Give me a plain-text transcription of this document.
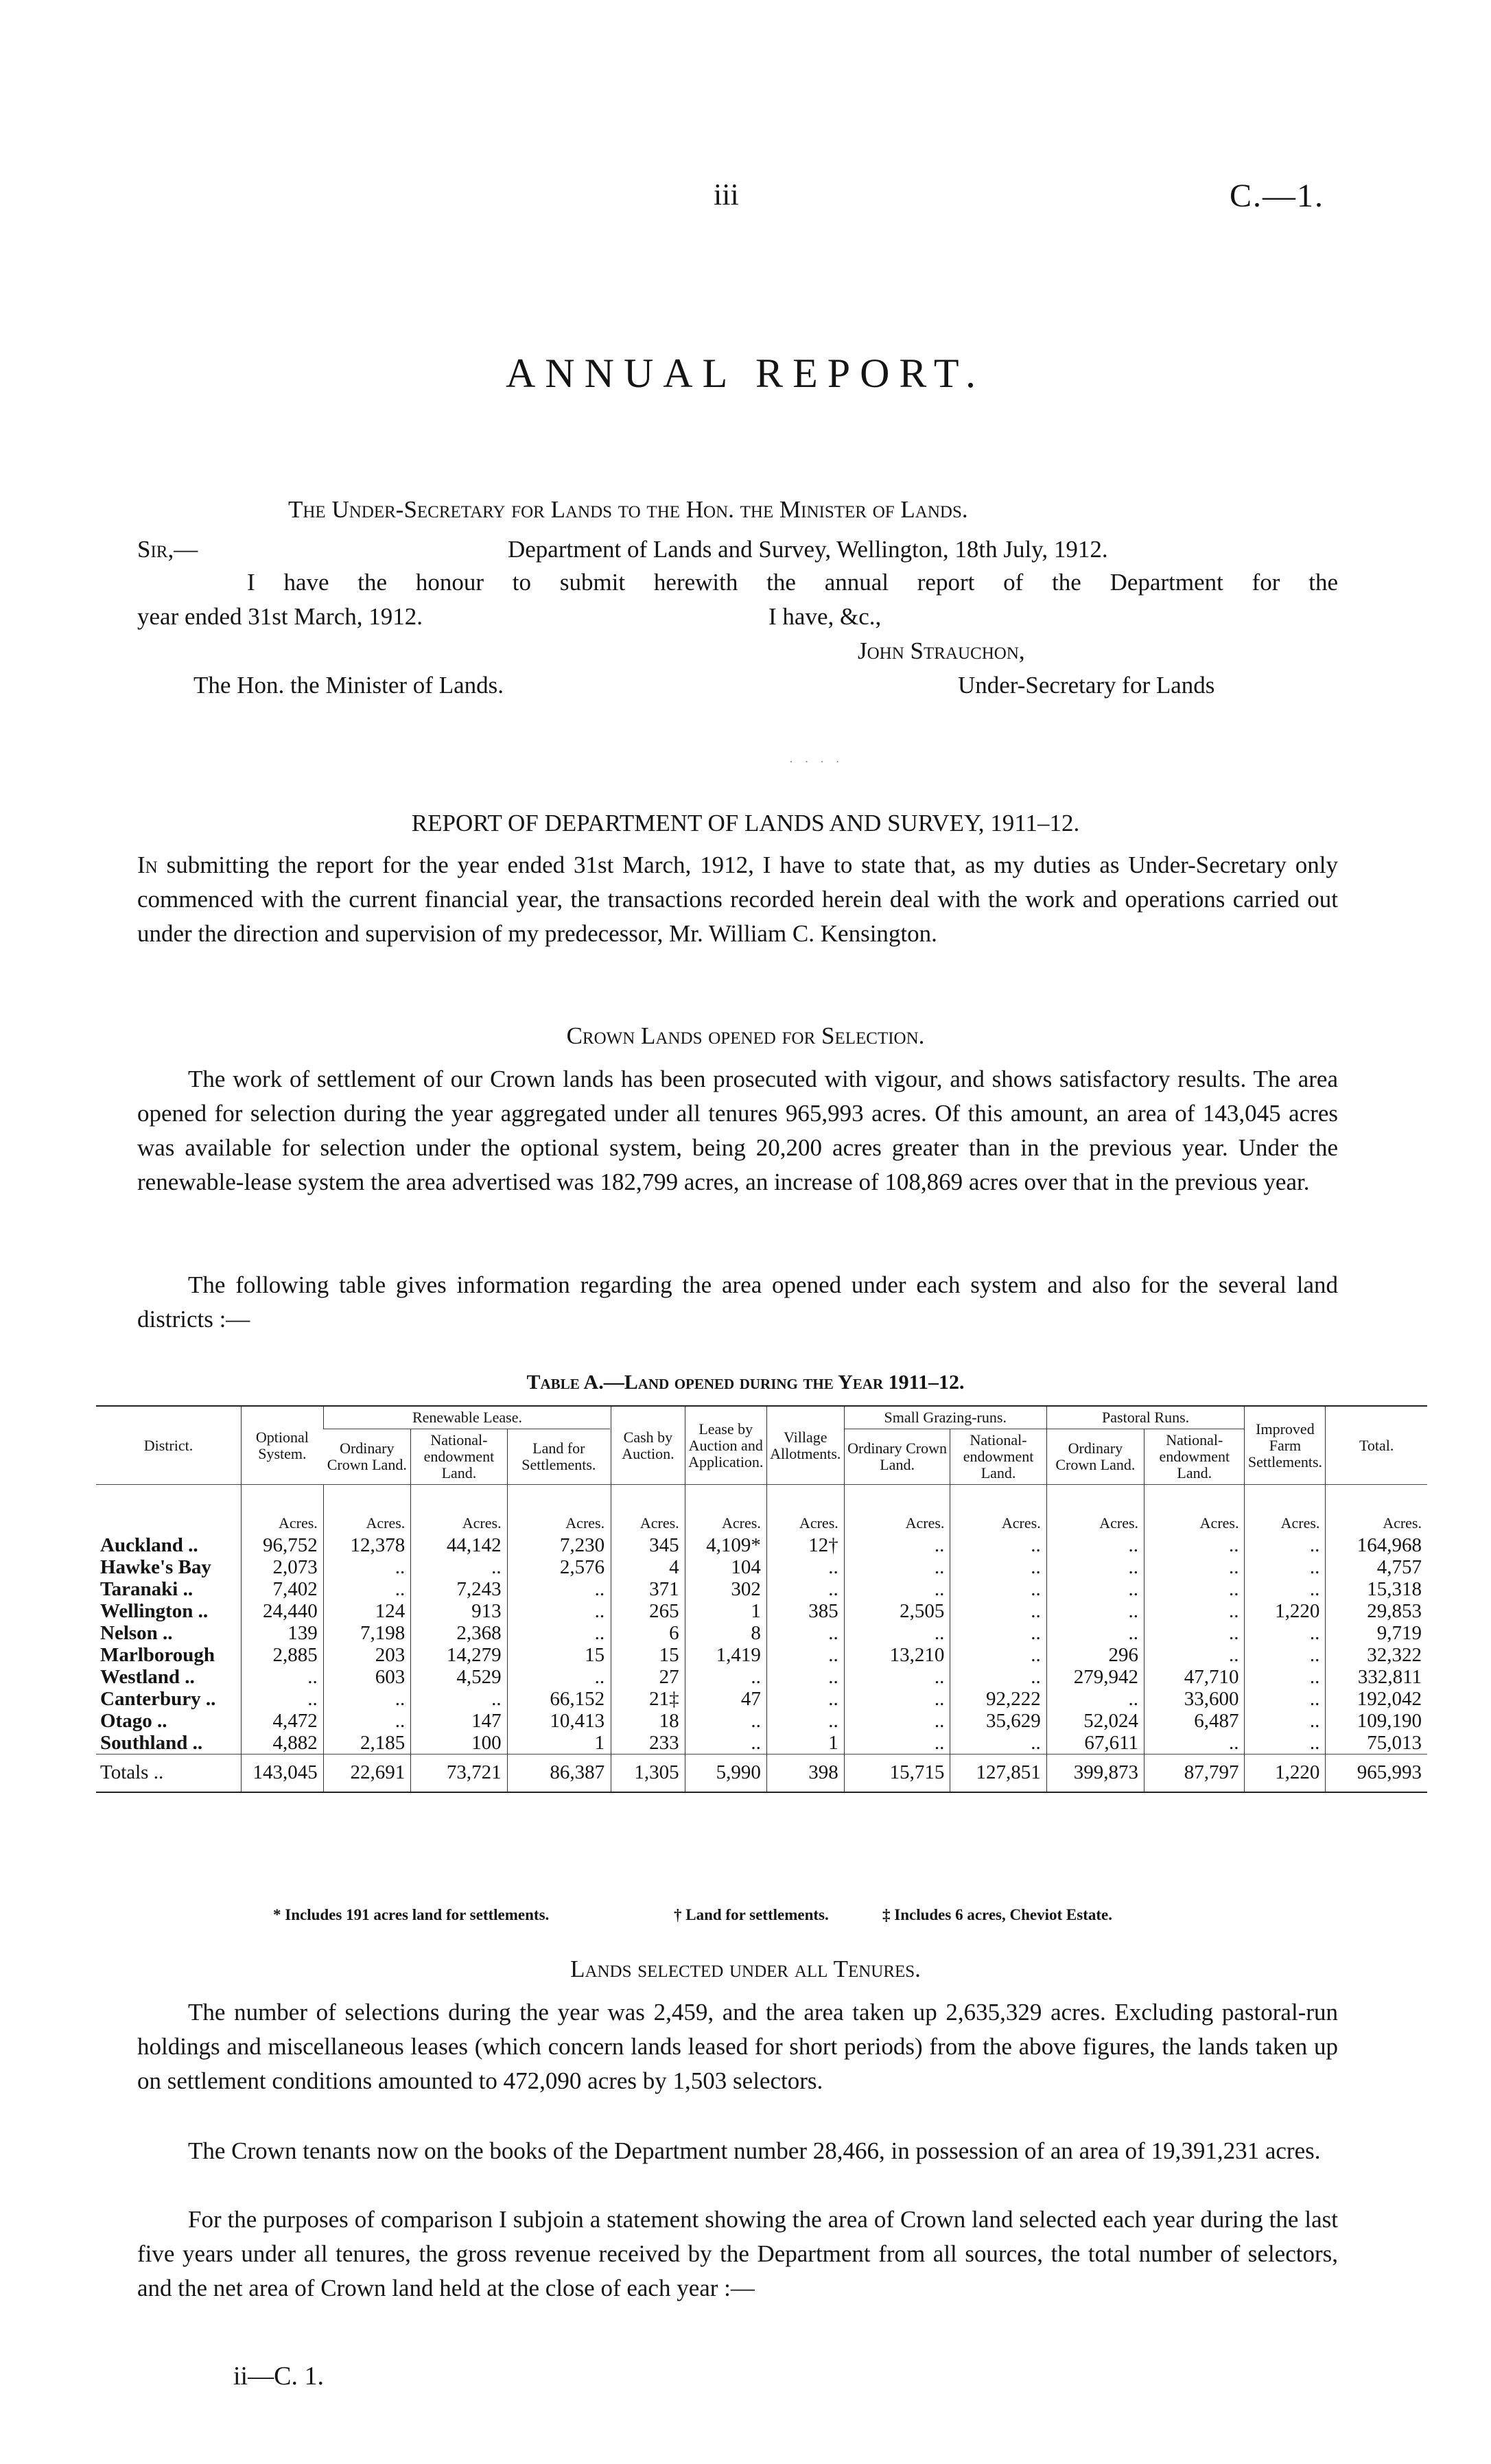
iii	C.—1.
ANNUAL REPORT.
The Under-Secretary for Lands to the Hon. the Minister of Lands.
Sir,—	Department of Lands and Survey, Wellington, 18th July, 1912.
I have the honour to submit herewith the annual report of the Department for the
year ended 31st March, 1912.	I have, &c.,
John Strauchon,
The Hon. the Minister of Lands.	Under-Secretary for Lands
· · · ·
REPORT OF DEPARTMENT OF LANDS AND SURVEY, 1911–12.
In submitting the report for the year ended 31st March, 1912, I have to state that, as my duties as Under-Secretary only commenced with the current financial year, the transactions recorded herein deal with the work and operations carried out under the direction and supervision of my predecessor, Mr. William C. Kensington.
Crown Lands opened for Selection.
The work of settlement of our Crown lands has been prosecuted with vigour, and shows satisfactory results. The area opened for selection during the year aggregated under all tenures 965,993 acres. Of this amount, an area of 143,045 acres was available for selection under the optional system, being 20,200 acres greater than in the previous year. Under the renewable-lease system the area advertised was 182,799 acres, an increase of 108,869 acres over that in the previous year.
The following table gives information regarding the area opened under each system and also for the several land districts :—
Table A.—Land opened during the Year 1911–12.
District.	Optional System.	Renewable Lease.				Cash by Auction.	Lease by Auction and Application.	Village Allotments.	Small Grazing-runs.		Pastoral Runs.		Improved Farm Settlements.	Total.
		Ordinary Crown Land.	National-endowment Land.	Land for Settlements.					Ordinary Crown Land.	National-endowment Land.	Ordinary Crown Land.	National-endowment Land.		
	Acres.	Acres.	Acres.	Acres.		Acres.	Acres.	Acres.	Acres.	Acres.	Acres.	Acres.	Acres.	Acres.
Auckland ..	96,752	12,378	44,142	7,230		345	4,109*	12†	..	..	..	..	..	164,968
Hawke's Bay	2,073	..	..	2,576		4	104	..	..	..	..	..	..	4,757
Taranaki ..	7,402	..	7,243	..		371	302	..	..	..	..	..	..	15,318
Wellington ..	24,440	124	913	..		265	1	385	2,505	..	..	..	1,220	29,853
Nelson ..	139	7,198	2,368	..		6	8	..	..	..	..	..	..	9,719
Marlborough	2,885	203	14,279	15		15	1,419	..	13,210	..	296	..	..	32,322
Westland ..	..	603	4,529	..		27	..	..	..	..	279,942	47,710	..	332,811
Canterbury ..	..	..	..	66,152		21‡	47	..	..	92,222	..	33,600	..	192,042
Otago ..	4,472	..	147	10,413		18	..	..	..	35,629	52,024	6,487	..	109,190
Southland ..	4,882	2,185	100	1		233	..	1	..	..	67,611	..	..	75,013
Totals ..	143,045	22,691	73,721	86,387		1,305	5,990	398	15,715	127,851	399,873	87,797	1,220	965,993
* Includes 191 acres land for settlements.	† Land for settlements.	‡ Includes 6 acres, Cheviot Estate.
Lands selected under all Tenures.
The number of selections during the year was 2,459, and the area taken up 2,635,329 acres. Excluding pastoral-run holdings and miscellaneous leases (which concern lands leased for short periods) from the above figures, the lands taken up on settlement conditions amounted to 472,090 acres by 1,503 selectors.
The Crown tenants now on the books of the Department number 28,466, in possession of an area of 19,391,231 acres.
For the purposes of comparison I subjoin a statement showing the area of Crown land selected each year during the last five years under all tenures, the gross revenue received by the Department from all sources, the total number of selectors, and the net area of Crown land held at the close of each year :—
ii—C. 1.
